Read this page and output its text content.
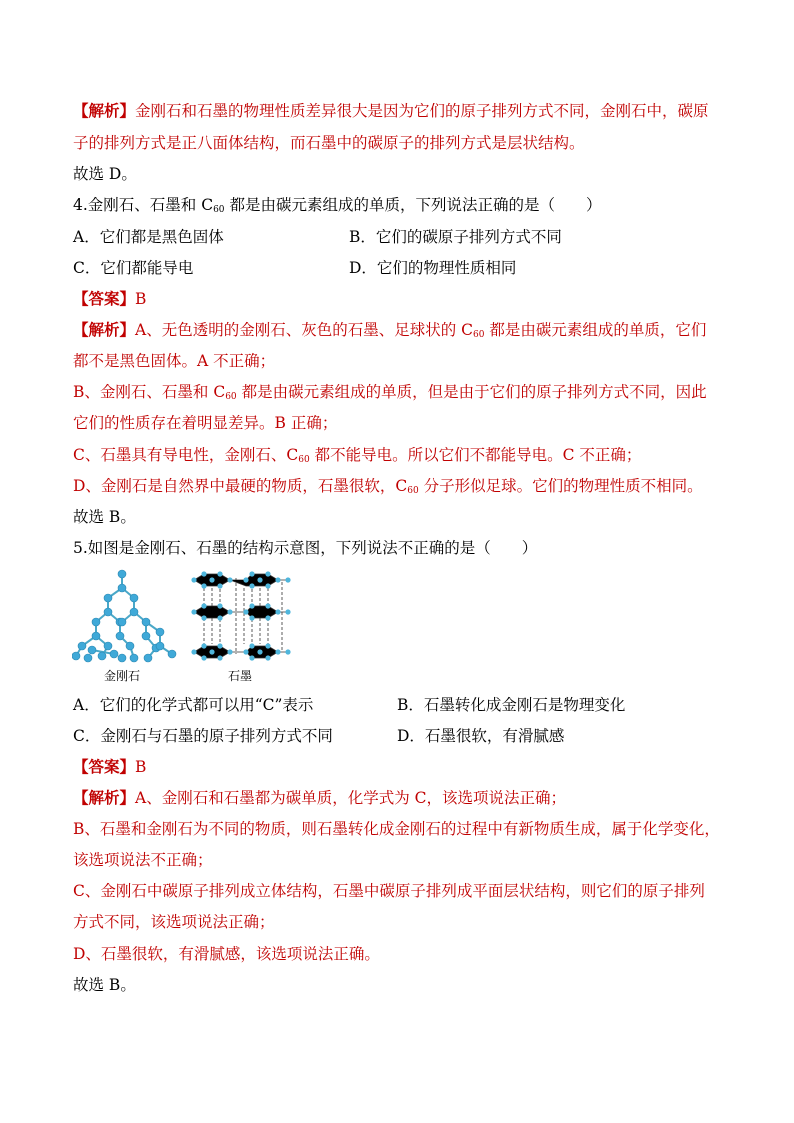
【解析】金刚石和石墨的物理性质差异很大是因为它们的原子排列方式不同，金刚石中，碳原
子的排列方式是正八面体结构，而石墨中的碳原子的排列方式是层状结构。
故选 D。
4.金刚石、石墨和 $C_{60}$ 都是由碳元素组成的单质，下列说法正确的是（　　）
A．它们都是黑色固体	B．它们的碳原子排列方式不同
C．它们都能导电	D．它们的物理性质相同
【答案】B
【解析】A、无色透明的金刚石、灰色的石墨、足球状的 $C_{60}$ 都是由碳元素组成的单质，它们
都不是黑色固体。A 不正确；
B、金刚石、石墨和 $C_{60}$ 都是由碳元素组成的单质，但是由于它们的原子排列方式不同，因此
它们的性质存在着明显差异。B 正确；
C、石墨具有导电性，金刚石、$C_{60}$ 都不能导电。所以它们不都能导电。C 不正确；
D、金刚石是自然界中最硬的物质，石墨很软，$C_{60}$ 分子形似足球。它们的物理性质不相同。
故选 B。
5.如图是金刚石、石墨的结构示意图，下列说法不正确的是（　　）
金刚石	石墨
A．它们的化学式都可以用“C”表示	B．石墨转化成金刚石是物理变化
C．金刚石与石墨的原子排列方式不同	D．石墨很软，有滑腻感
【答案】B
【解析】A、金刚石和石墨都为碳单质，化学式为 C，该选项说法正确；
B、石墨和金刚石为不同的物质，则石墨转化成金刚石的过程中有新物质生成，属于化学变化，
该选项说法不正确；
C、金刚石中碳原子排列成立体结构，石墨中碳原子排列成平面层状结构，则它们的原子排列
方式不同，该选项说法正确；
D、石墨很软，有滑腻感，该选项说法正确。
故选 B。
